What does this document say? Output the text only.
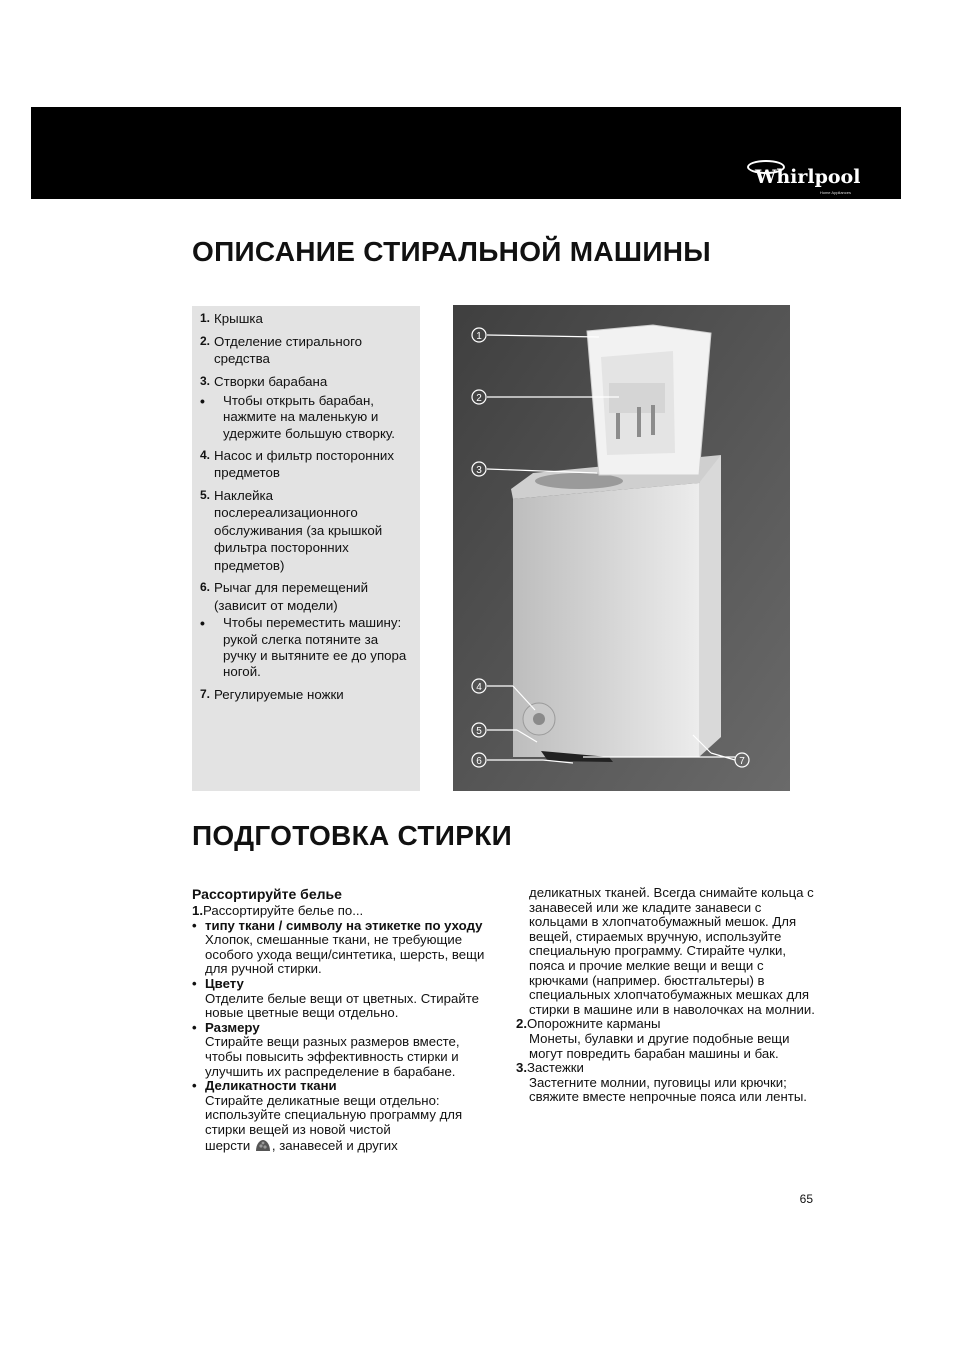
Whirlpool
Home Appliances
ОПИСАНИЕ СТИРАЛЬНОЙ МАШИНЫ
1. Крышка
2. Отделение стирального средства
3. Створки барабана
• Чтобы открыть барабан, нажмите на маленькую и удержите большую створку.
4. Насос и фильтр посторонних предметов
5. Наклейка послереализационного обслуживания (за крышкой фильтра посторонних предметов)
6. Рычаг для перемещений (зависит от модели)
• Чтобы переместить машину: рукой слегка потяните за ручку и вытяните ее до упора ногой.
7. Регулируемые ножки
1
2
3
4
5
6	7
ПОДГОТОВКА СТИРКИ
Рассортируйте белье
1.Рассортируйте белье по...
• типу ткани / символу на этикетке по уходу
Хлопок, смешанные ткани, не требующие особого ухода вещи/синтетика, шерсть, вещи для ручной стирки.
• Цвету
Отделите белые вещи от цветных. Стирайте новые цветные вещи отдельно.
• Размеру
Стирайте вещи разных размеров вместе, чтобы повысить эффективность стирки и улучшить их распределение в барабане.
• Деликатности ткани
Стирайте деликатные вещи отдельно: используйте специальную программу для стирки вещей из новой чистой
шерсти , занавесей и других
деликатных тканей. Всегда снимайте кольца с занавесей или же кладите занавеси с кольцами в хлопчатобумажный мешок. Для вещей, стираемых вручную, используйте специальную программу. Стирайте чулки, пояса и прочие мелкие вещи и вещи с крючками (например. бюстгальтеры) в специальных хлопчатобумажных мешках для стирки в машине или в наволочках на молнии.
2.Опорожните карманы
Монеты, булавки и другие подобные вещи могут повредить барабан машины и бак.
3.Застежки
Застегните молнии, пуговицы или крючки; свяжите вместе непрочные пояса или ленты.
65
